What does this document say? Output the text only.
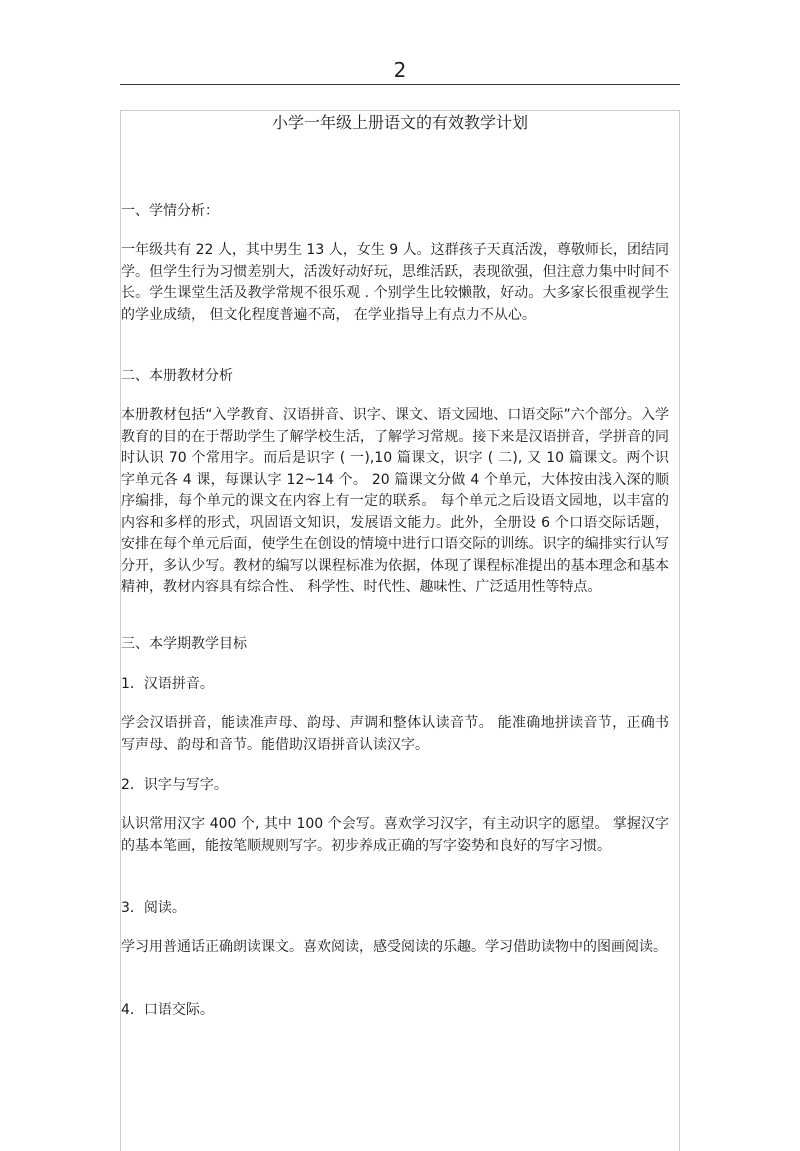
2
小学一年级上册语文的有效教学计划

一、学情分析：

一年级共有 22 人，其中男生 13 人，女生 9 人。这群孩子天真活泼，尊敬师长，团结同学。但学生行为习惯差别大，活泼好动好玩，思维活跃，表现欲强，但注意力集中时间不长。学生课堂生活及教学常规不很乐观 . 个别学生比较懒散，好动。大多家长很重视学生的学业成绩， 但文化程度普遍不高， 在学业指导上有点力不从心。

二、本册教材分析

本册教材包括“入学教育、汉语拼音、识字、课文、语文园地、口语交际”六个部分。入学教育的目的在于帮助学生了解学校生活，了解学习常规。接下来是汉语拼音，学拼音的同时认识 70 个常用字。而后是识字 ( 一),10 篇课文，识字 ( 二), 又 10 篇课文。两个识字单元各 4 课，每课认字 12~14 个。 20 篇课文分做 4 个单元，大体按由浅入深的顺序编排，每个单元的课文在内容上有一定的联系。 每个单元之后设语文园地，以丰富的内容和多样的形式，巩固语文知识，发展语文能力。此外，全册设 6 个口语交际话题，安排在每个单元后面，使学生在创设的情境中进行口语交际的训练。识字的编排实行认写分开，多认少写。教材的编写以课程标准为依据，体现了课程标准提出的基本理念和基本精神，教材内容具有综合性、 科学性、时代性、趣味性、广泛适用性等特点。

三、本学期教学目标

1．汉语拼音。

学会汉语拼音，能读准声母、韵母、声调和整体认读音节。 能准确地拼读音节，正确书写声母、韵母和音节。能借助汉语拼音认读汉字。

2．识字与写字。

认识常用汉字 400 个, 其中 100 个会写。喜欢学习汉字，有主动识字的愿望。 掌握汉字的基本笔画，能按笔顺规则写字。初步养成正确的写字姿势和良好的写字习惯。

3．阅读。

学习用普通话正确朗读课文。喜欢阅读，感受阅读的乐趣。学习借助读物中的图画阅读。

4．口语交际。
